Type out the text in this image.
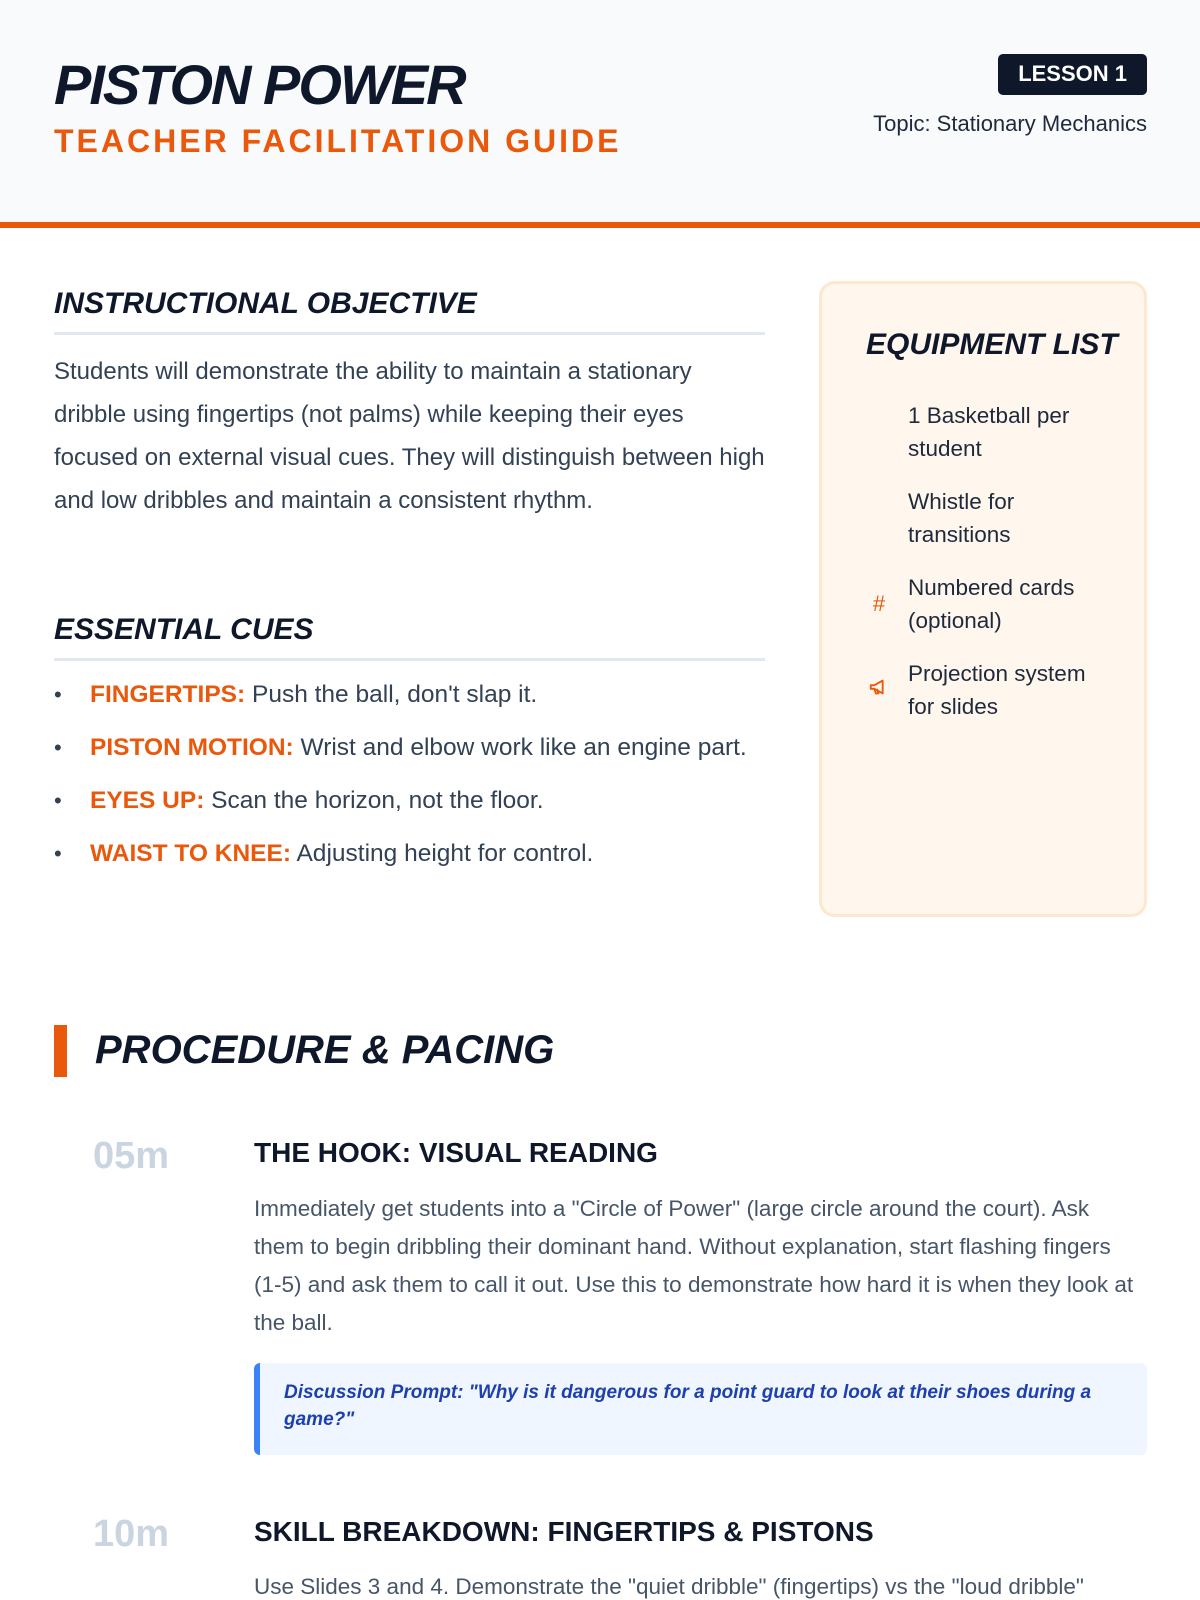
PISTON POWER
TEACHER FACILITATION GUIDE
LESSON 1
Topic: Stationary Mechanics
INSTRUCTIONAL OBJECTIVE

Students will demonstrate the ability to maintain a stationary dribble using fingertips (not palms) while keeping their eyes focused on external visual cues. They will distinguish between high and low dribbles and maintain a consistent rhythm.

ESSENTIAL CUES
• FINGERTIPS: Push the ball, don't slap it.
• PISTON MOTION: Wrist and elbow work like an engine part.
• EYES UP: Scan the horizon, not the floor.
• WAIST TO KNEE: Adjusting height for control.
EQUIPMENT LIST
1 Basketball per student
Whistle for transitions
#
Numbered cards (optional)
Projection system for slides
PROCEDURE & PACING
05m	THE HOOK: VISUAL READING

Immediately get students into a "Circle of Power" (large circle around the court). Ask them to begin dribbling their dominant hand. Without explanation, start flashing fingers (1-5) and ask them to call it out. Use this to demonstrate how hard it is when they look at the ball.

Discussion Prompt: "Why is it dangerous for a point guard to look at their shoes during a game?"
10m	SKILL BREAKDOWN: FINGERTIPS & PISTONS

Use Slides 3 and 4. Demonstrate the "quiet dribble" (fingertips) vs the "loud dribble"
